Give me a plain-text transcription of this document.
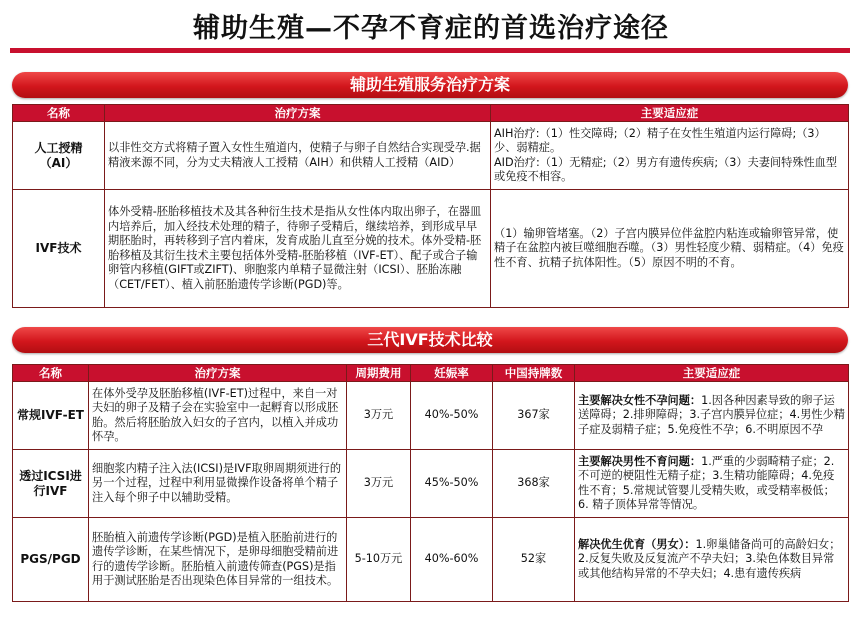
辅助生殖—不孕不育症的首选治疗途径
辅助生殖服务治疗方案
名称	治疗方案	主要适应症
人工授精
（AI）	以非性交方式将精子置入女性生殖道内，使精子与卵子自然结合实现受孕.据精液来源不同，分为丈夫精液人工授精（AIH）和供精人工授精（AID）	AIH治疗:（1）性交障碍;（2）精子在女性生殖道内运行障碍;（3）少、弱精症。
AID治疗:（1）无精症;（2）男方有遗传疾病;（3）夫妻间特殊性血型或免疫不相容。
IVF技术	体外受精-胚胎移植技术及其各种衍生技术是指从女性体内取出卵子，在器皿内培养后，加入经技术处理的精子，待卵子受精后，继续培养，到形成早早期胚胎时，再转移到子宫内着床，发育成胎儿直至分娩的技术。体外受精-胚胎移植及其衍生技术主要包括体外受精-胚胎移植（IVF-ET）、配子或合子输卵管内移植(GIFT或ZIFT)、卵胞浆内单精子显微注射（ICSI）、胚胎冻融（CET/FET）、植入前胚胎遗传学诊断(PGD)等。	（1）输卵管堵塞。（2）子宫内膜异位伴盆腔内粘连或输卵管异常，使精子在盆腔内被巨噬细胞吞噬。（3）男性轻度少精、弱精症。（4）免疫性不育、抗精子抗体阳性。（5）原因不明的不育。
三代IVF技术比较
名称	治疗方案	周期费用	妊娠率	中国持牌数	主要适应症
常规IVF-ET	在体外受孕及胚胎移植(IVF-ET)过程中，来自一对夫妇的卵子及精子会在实验室中一起孵育以形成胚胎。然后将胚胎放入妇女的子宫内，以植入并成功怀孕。	3万元	40%-50%	367家	主要解决女性不孕问题：1.因各种因素导致的卵子运送障碍；2.排卵障碍；3.子宫内膜异位症；4.男性少精子症及弱精子症；5.免疫性不孕；6.不明原因不孕
透过ICSI进行IVF	细胞浆内精子注入法(ICSI)是IVF取卵周期须进行的另一个过程，过程中利用显微操作设备将单个精子注入每个卵子中以辅助受精。	3万元	45%-50%	368家	主要解决男性不育问题：1.严重的少弱畸精子症；2.不可逆的梗阻性无精子症；3.生精功能障碍；4.免疫性不育；5.常规试管婴儿受精失败，或受精率极低；6. 精子顶体异常等情况。
PGS/PGD	胚胎植入前遗传学诊断(PGD)是植入胚胎前进行的遗传学诊断，在某些情况下，是卵母细胞受精前进行的遗传学诊断。胚胎植入前遗传筛查(PGS)是指用于测试胚胎是否出现染色体目异常的一组技术。	5-10万元	40%-60%	52家	解决优生优育（男女）：1.卵巢储备尚可的高龄妇女；2.反复失败及反复流产不孕夫妇；3.染色体数目异常或其他结构异常的不孕夫妇；4.患有遗传疾病
